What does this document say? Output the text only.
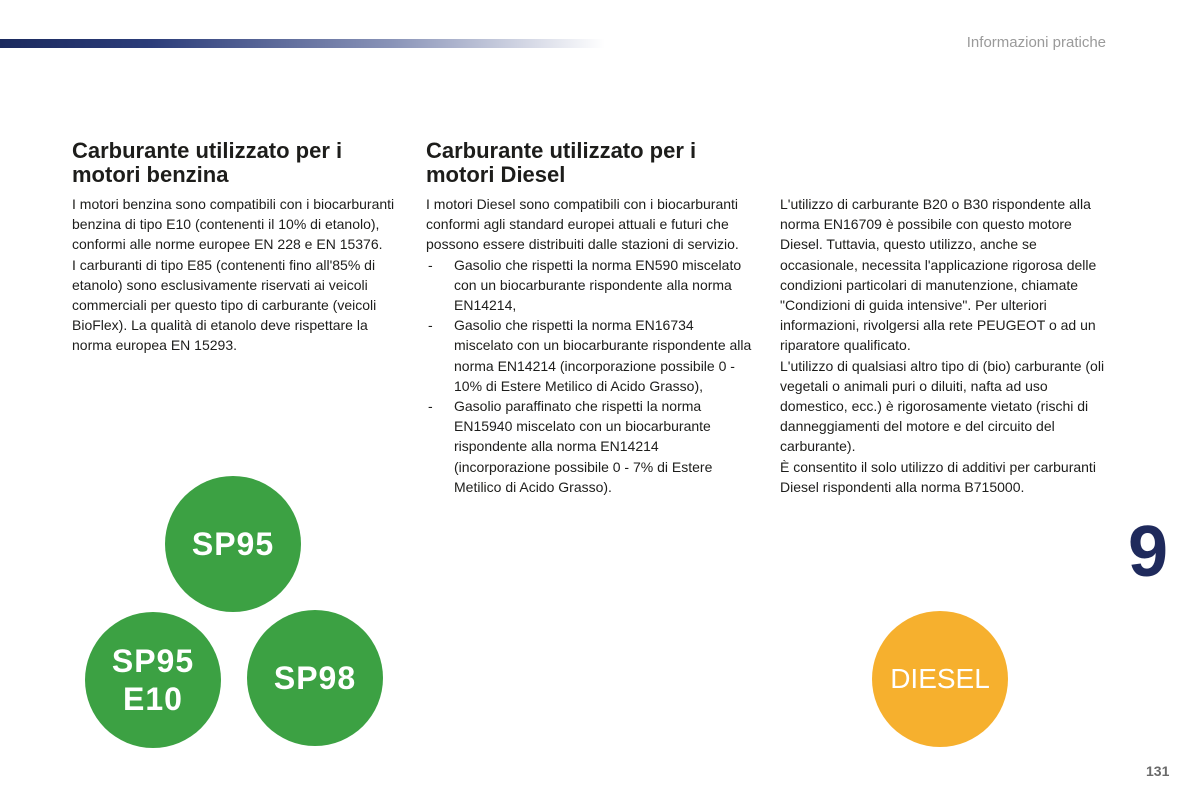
Informazioni pratiche
Carburante utilizzato per i motori benzina

I motori benzina sono compatibili con i biocarburanti benzina di tipo E10 (contenenti il 10% di etanolo), conformi alle norme europee EN 228 e EN 15376.

I carburanti di tipo E85 (contenenti fino all'85% di etanolo) sono esclusivamente riservati ai veicoli commerciali per questo tipo di carburante (veicoli BioFlex). La qualità di etanolo deve rispettare la norma europea EN 15293.

Carburante utilizzato per i motori Diesel

I motori Diesel sono compatibili con i biocarburanti conformi agli standard europei attuali e futuri che possono essere distribuiti dalle stazioni di servizio.

- Gasolio che rispetti la norma EN590 miscelato con un biocarburante rispondente alla norma EN14214,
- Gasolio che rispetti la norma EN16734 miscelato con un biocarburante rispondente alla norma EN14214 (incorporazione possibile 0 - 10% di Estere Metilico di Acido Grasso),
- Gasolio paraffinato che rispetti la norma EN15940 miscelato con un biocarburante rispondente alla norma EN14214 (incorporazione possibile 0 - 7% di Estere Metilico di Acido Grasso).

L'utilizzo di carburante B20 o B30 rispondente alla norma EN16709 è possibile con questo motore Diesel. Tuttavia, questo utilizzo, anche se occasionale, necessita l'applicazione rigorosa delle condizioni particolari di manutenzione, chiamate "Condizioni di guida intensive". Per ulteriori informazioni, rivolgersi alla rete PEUGEOT o ad un riparatore qualificato.

L'utilizzo di qualsiasi altro tipo di (bio) carburante (oli vegetali o animali puri o diluiti, nafta ad uso domestico, ecc.) è rigorosamente vietato (rischi di danneggiamenti del motore e del circuito del carburante).

È consentito il solo utilizzo di additivi per carburanti Diesel rispondenti alla norma B715000.

9
SP95
SP95
E10
SP98	DIESEL
131
